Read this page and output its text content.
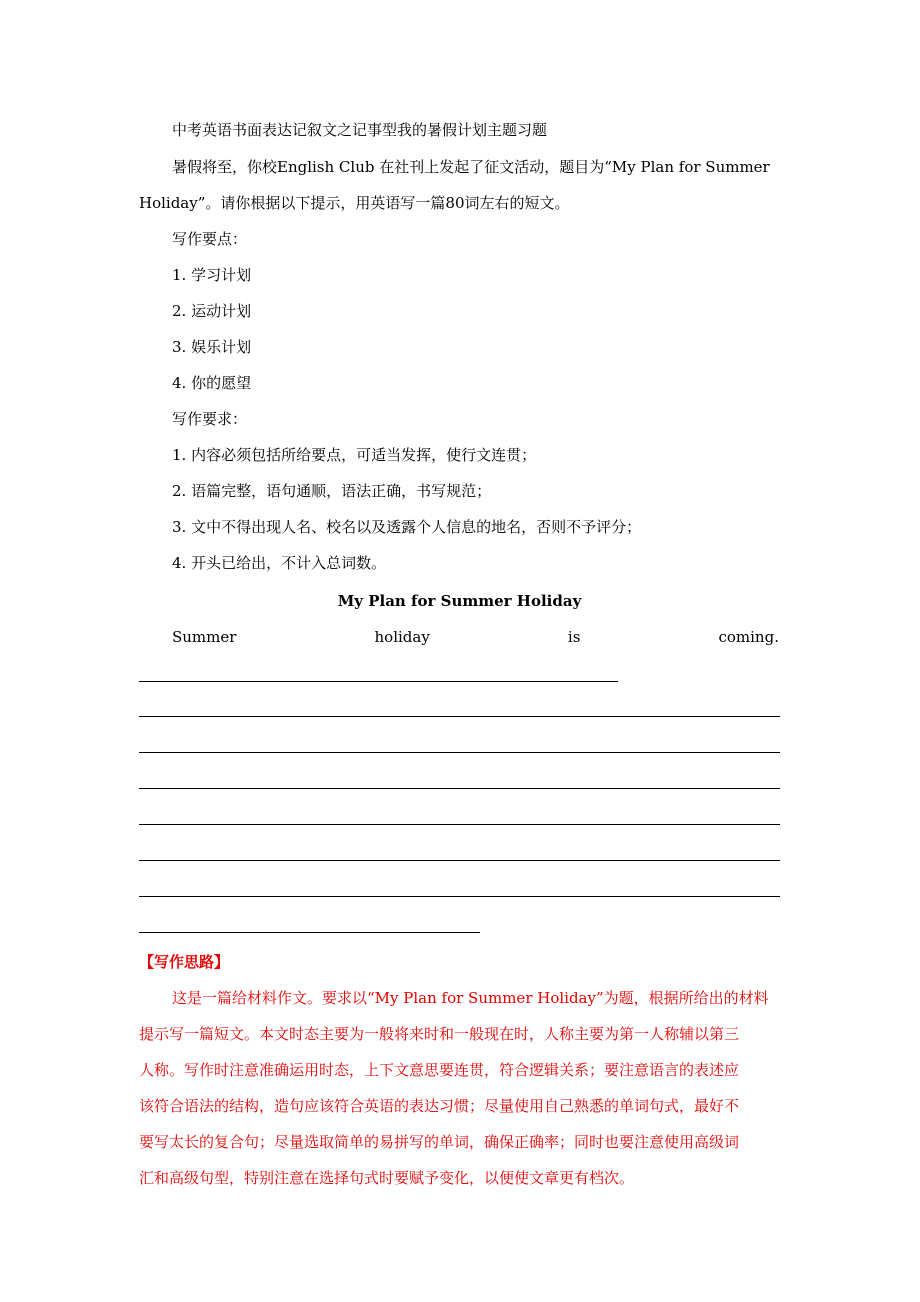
中考英语书面表达记叙文之记事型我的暑假计划主题习题
暑假将至，你校English Club 在社刊上发起了征文活动，题目为“My Plan for Summer
Holiday”。请你根据以下提示，用英语写一篇80词左右的短文。
写作要点：
1. 学习计划
2. 运动计划
3. 娱乐计划
4. 你的愿望
写作要求：
1. 内容必须包括所给要点，可适当发挥，使行文连贯；
2. 语篇完整，语句通顺，语法正确，书写规范；
3. 文中不得出现人名、校名以及透露个人信息的地名，否则不予评分；
4. 开头已给出，不计入总词数。
My Plan for Summer Holiday
Summer	holiday	is	coming.
【写作思路】
这是一篇给材料作文。要求以“My Plan for Summer Holiday”为题，根据所给出的材料
提示写一篇短文。本文时态主要为一般将来时和一般现在时，人称主要为第一人称辅以第三
人称。写作时注意准确运用时态，上下文意思要连贯，符合逻辑关系；要注意语言的表述应
该符合语法的结构，造句应该符合英语的表达习惯；尽量使用自己熟悉的单词句式，最好不
要写太长的复合句；尽量选取简单的易拼写的单词，确保正确率；同时也要注意使用高级词
汇和高级句型，特别注意在选择句式时要赋予变化，以便使文章更有档次。
